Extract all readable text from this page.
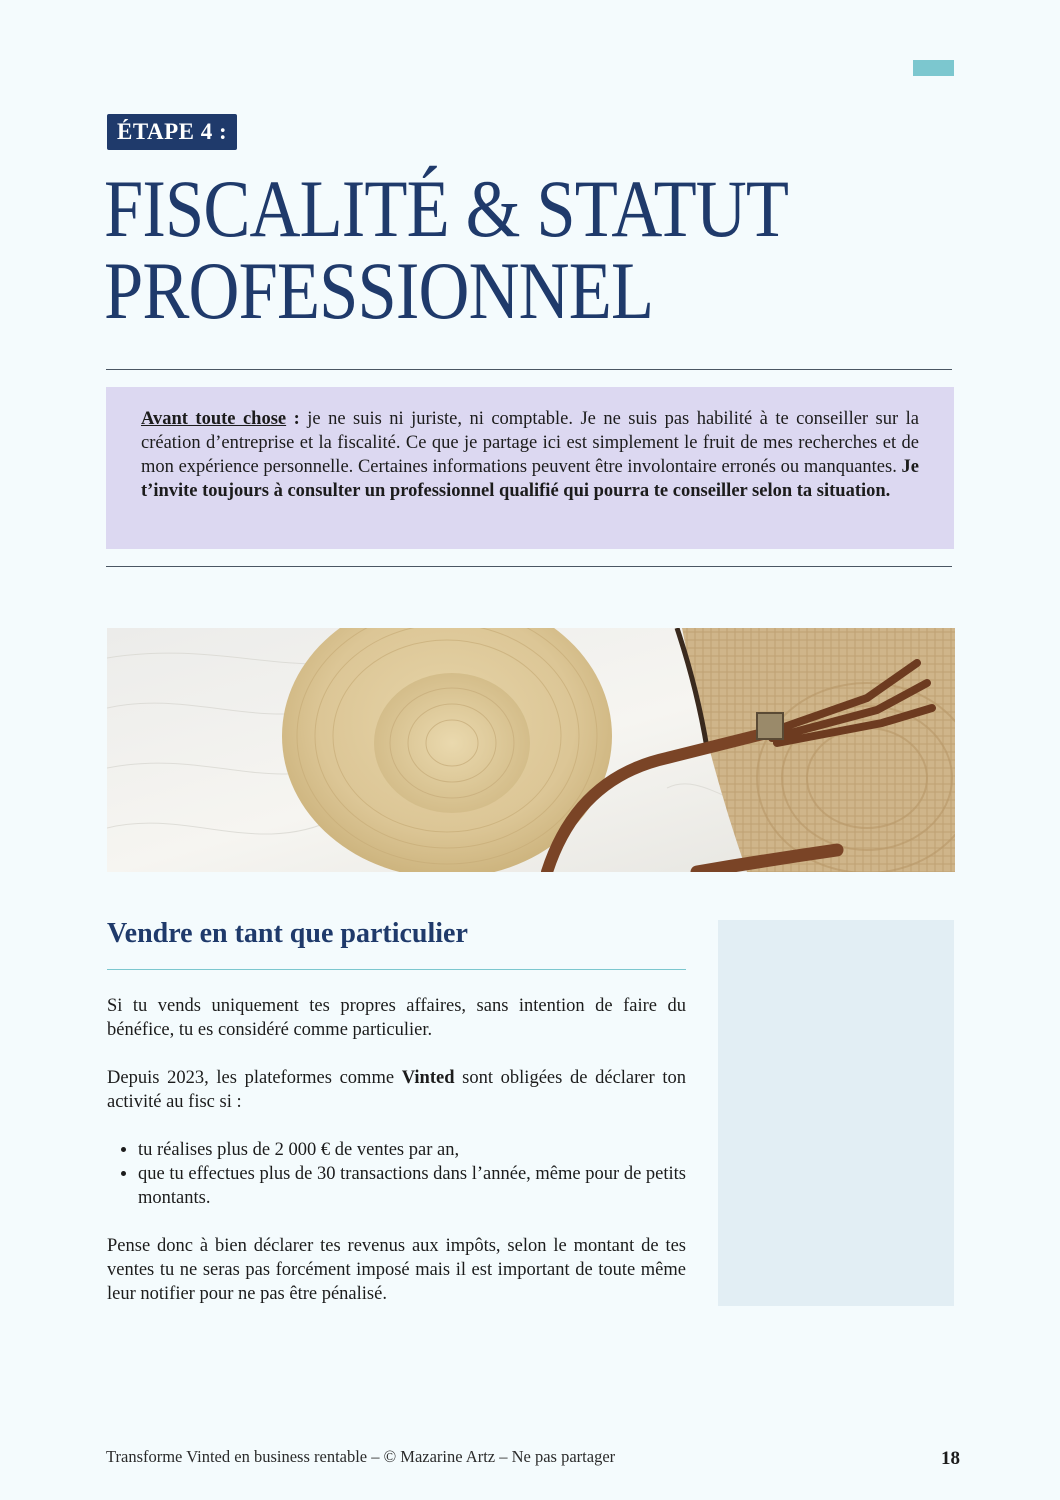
ÉTAPE 4 :
FISCALITÉ & STATUT
PROFESSIONNEL

Avant toute chose : je ne suis ni juriste, ni comptable. Je ne suis pas habilité à te conseiller sur la création d’entreprise et la fiscalité. Ce que je partage ici est simplement le fruit de mes recherches et de mon expérience personnelle. Certaines informations peuvent être involontaire erronés ou manquantes. Je t’invite toujours à consulter un professionnel qualifié qui pourra te conseiller selon ta situation.

Vendre en tant que particulier

Si tu vends uniquement tes propres affaires, sans intention de faire du bénéfice, tu es considéré comme particulier.

Depuis 2023, les plateformes comme Vinted sont obligées de déclarer ton activité au fisc si :

• tu réalises plus de 2 000 € de ventes par an,
• que tu effectues plus de 30 transactions dans l’année, même pour de petits montants.

Pense donc à bien déclarer tes revenus aux impôts, selon le montant de tes ventes tu ne seras pas forcément imposé mais il est important de toute même leur notifier pour ne pas être pénalisé.

Transforme Vinted en business rentable – © Mazarine Artz – Ne pas partager	18
